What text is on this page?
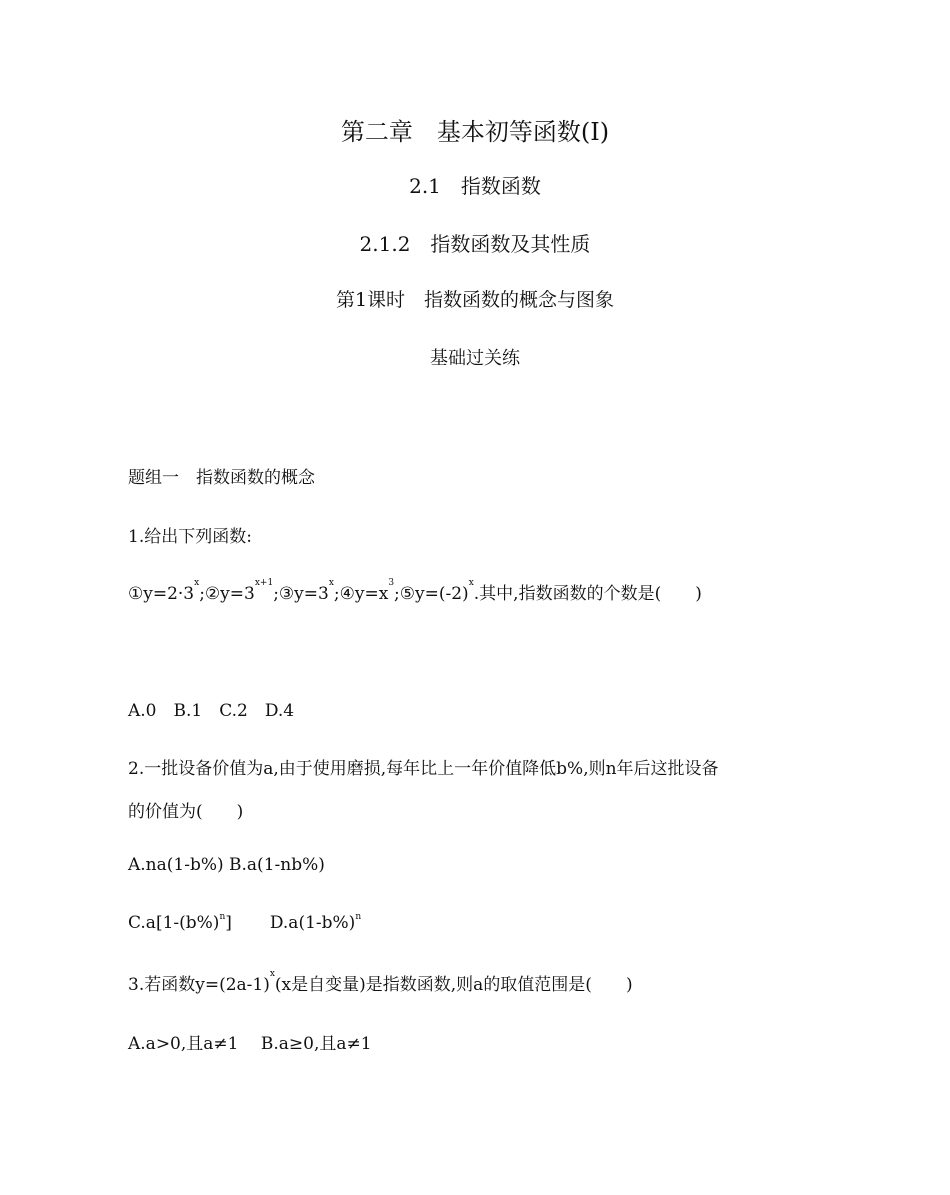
第二章　基本初等函数(Ⅰ)
2.1　指数函数
2.1.2　指数函数及其性质
第1课时　指数函数的概念与图象
基础过关练
题组一　指数函数的概念
1.给出下列函数:
$①y=2\cdot 3^x;②y=3^{x+1};③y=3^x;④y=x^3;⑤y=(-2)^x$.其中,指数函数的个数是(　　)
A.0　B.1　C.2　D.4
2.一批设备价值为a,由于使用磨损,每年比上一年价值降低b%,则n年后这批设备
的价值为(　　)
A.na(1-b%) B.a(1-nb%)
$C.a[1-(b\%)^n]$ $D.a(1-b\%)^n$
3.若函数$y=(2a-1)^x(x$是自变量)是指数函数,则a的取值范围是(　　)
A.a>0,且a≠1　 B.a≥0,且a≠1
